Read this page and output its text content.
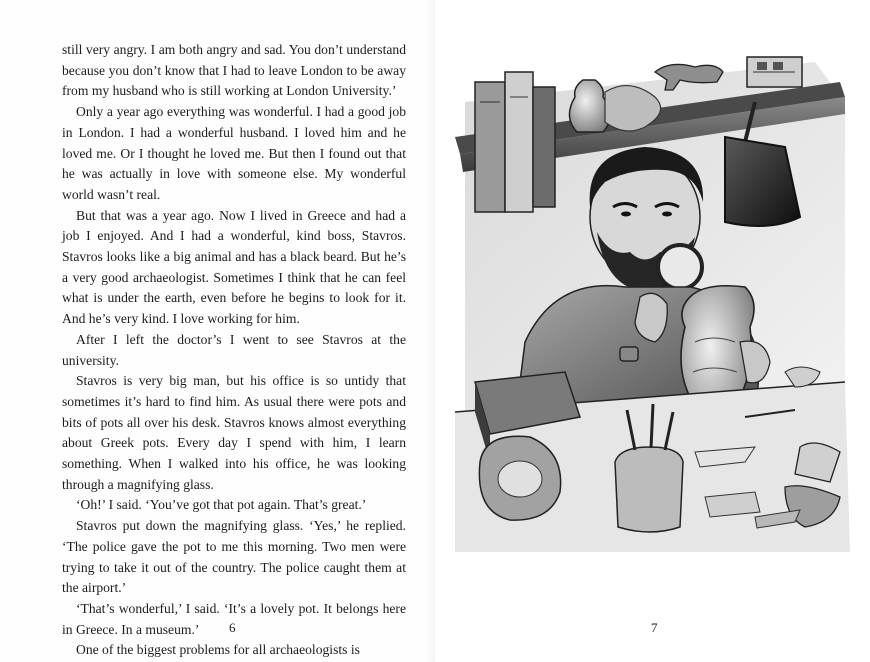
still very angry. I am both angry and sad. You don’t understand because you don’t know that I had to leave London to be away from my husband who is still working at London University.’

Only a year ago everything was wonderful. I had a good job in London. I had a wonderful husband. I loved him and he loved me. Or I thought he loved me. But then I found out that he was actually in love with someone else. My wonderful world wasn’t real.

But that was a year ago. Now I lived in Greece and had a job I enjoyed. And I had a wonderful, kind boss, Stavros. Stavros looks like a big animal and has a black beard. But he’s a very good archaeologist. Sometimes I think that he can feel what is under the earth, even before he begins to look for it. And he’s very kind. I love working for him.

After I left the doctor’s I went to see Stavros at the university.

Stavros is very big man, but his office is so untidy that sometimes it’s hard to find him. As usual there were pots and bits of pots all over his desk. Stavros knows almost everything about Greek pots. Every day I spend with him, I learn something. When I walked into his office, he was looking through a magnifying glass.

‘Oh!’ I said. ‘You’ve got that pot again. That’s great.’

Stavros put down the magnifying glass. ‘Yes,’ he replied. ‘The police gave the pot to me this morning. Two men were trying to take it out of the country. The police caught them at the airport.’

‘That’s wonderful,’ I said. ‘It’s a lovely pot. It belongs here in Greece. In a museum.’

One of the biggest problems for all archaeologists is

6	7
